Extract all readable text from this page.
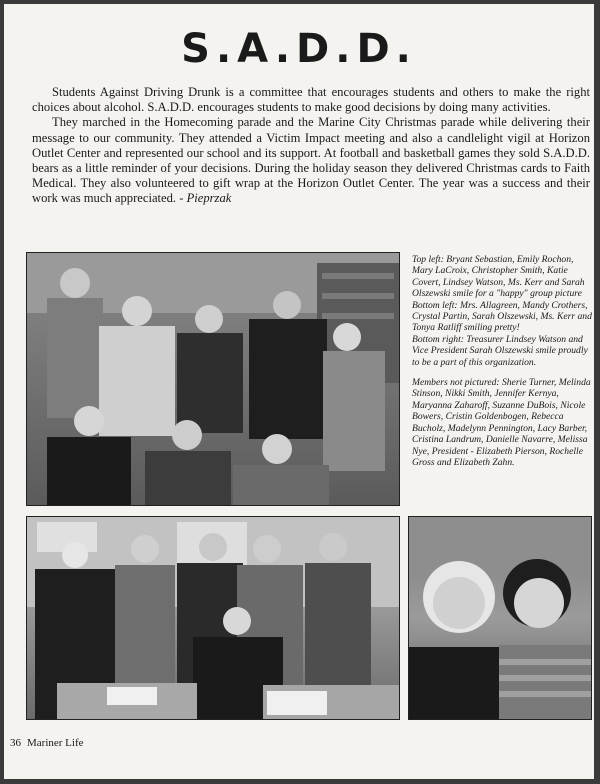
S.A.D.D.

Students Against Driving Drunk is a committee that encourages students and others to make the right choices about alcohol. S.A.D.D. encourages students to make good decisions by doing many activities.

They marched in the Homecoming parade and the Marine City Christmas parade while delivering their message to our community. They attended a Victim Impact meeting and also a candlelight vigil at Horizon Outlet Center and represented our school and its support. At football and basketball games they sold S.A.D.D. bears as a little reminder of your decisions. During the holiday season they delivered Christmas cards to Faith Medical. They also volunteered to gift wrap at the Horizon Outlet Center. The year was a success and their work was much appreciated. - Pieprzak

Top left: Bryant Sebastian, Emily Rochon, Mary LaCroix, Christopher Smith, Katie Covert, Lindsey Watson, Ms. Kerr and Sarah Olszewski smile for a "happy" group picture

Bottom left: Mrs. Allagreen, Mandy Crothers, Crystal Partin, Sarah Olszewski, Ms. Kerr and Tonya Ratliff smiling pretty!

Bottom right: Treasurer Lindsey Watson and Vice President Sarah Olszewski smile proudly to be a part of this organization.

Members not pictured: Sherie Turner, Melinda Stinson, Nikki Smith, Jennifer Kernya, Maryanna Zaharoff, Suzanne DuBois, Nicole Bowers, Cristin Goldenbogen, Rebecca Bucholz, Madelynn Pennington, Lacy Barber, Cristina Landrum, Danielle Navarre, Melissa Nye, President - Elizabeth Pierson, Rochelle Gross and Elizabeth Zahn.

36 Mariner Life
